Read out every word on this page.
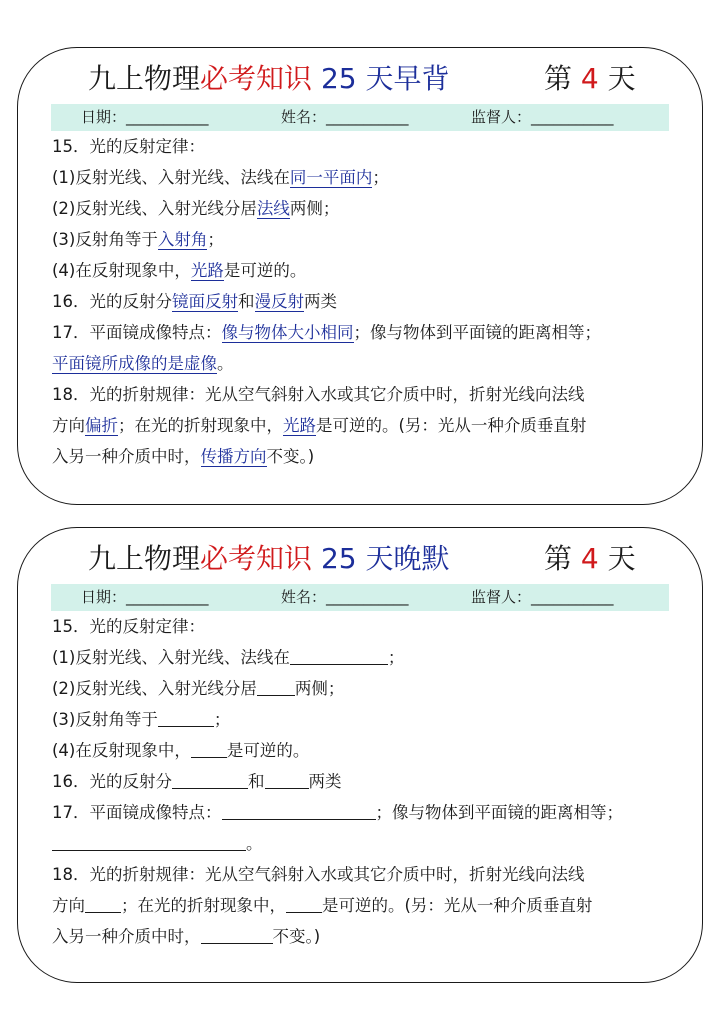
九上物理必考知识 25 天早背	第 4 天
日期：___________	姓名：___________	监督人：___________
15．光的反射定律：
(1)反射光线、入射光线、法线在同一平面内；
(2)反射光线、入射光线分居法线两侧；
(3)反射角等于入射角；
(4)在反射现象中，光路是可逆的。
16．光的反射分镜面反射和漫反射两类
17．平面镜成像特点：像与物体大小相同；像与物体到平面镜的距离相等；
平面镜所成像的是虚像。
18．光的折射规律：光从空气斜射入水或其它介质中时，折射光线向法线
方向偏折；在光的折射现象中，光路是可逆的。(另：光从一种介质垂直射
入另一种介质中时，传播方向不变。)
九上物理必考知识 25 天晚默	第 4 天
日期：___________	姓名：___________	监督人：___________
15．光的反射定律：
(1)反射光线、入射光线、法线在	；
(2)反射光线、入射光线分居 两侧；
(3)反射角等于	；
(4)在反射现象中， 是可逆的。
16．光的反射分	和	两类
17．平面镜成像特点：	；像与物体到平面镜的距离相等；
。
18．光的折射规律：光从空气斜射入水或其它介质中时，折射光线向法线
方向 ；在光的折射现象中， 是可逆的。(另：光从一种介质垂直射
入另一种介质中时，	不变。)
